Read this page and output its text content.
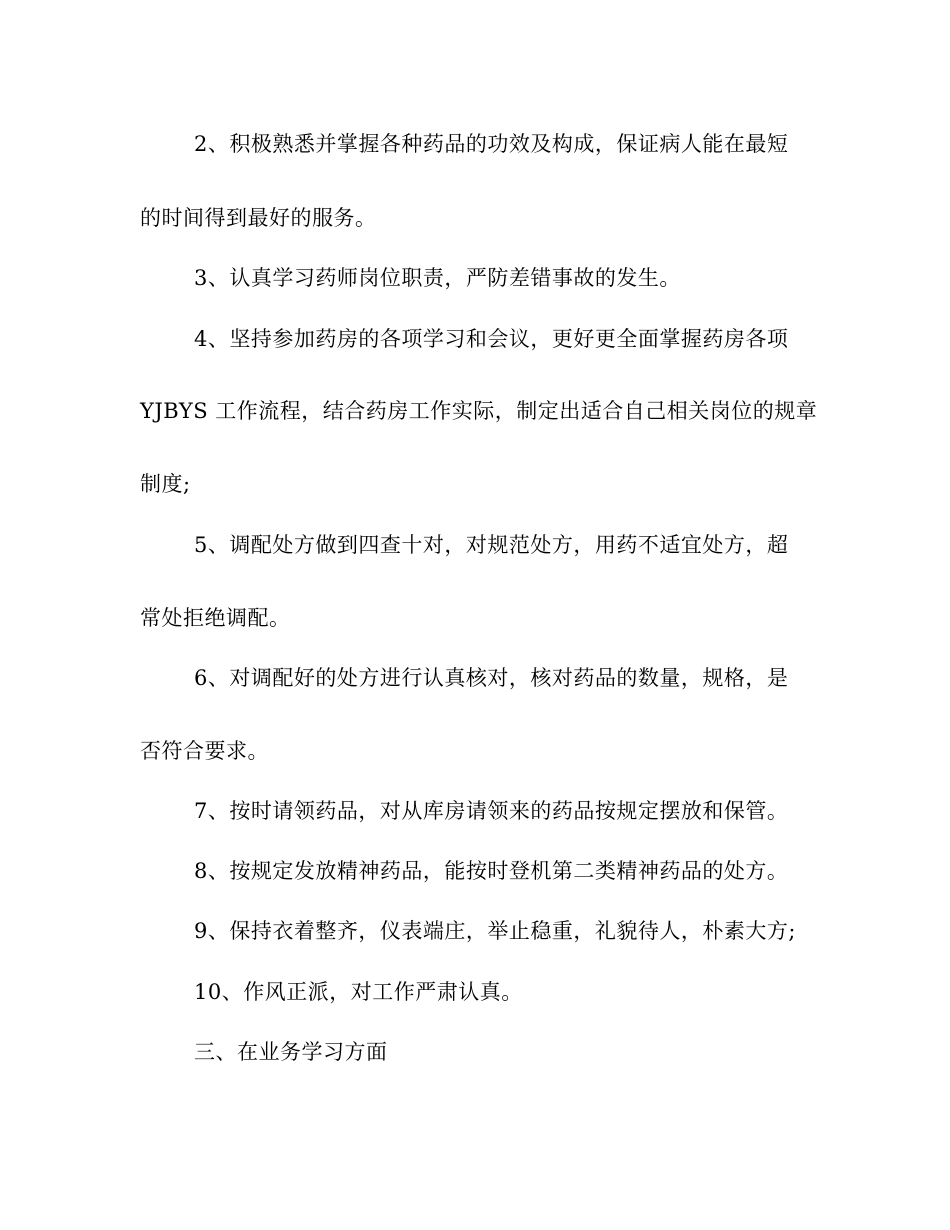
2、积极熟悉并掌握各种药品的功效及构成，保证病人能在最短
的时间得到最好的服务。
3、认真学习药师岗位职责，严防差错事故的发生。
4、坚持参加药房的各项学习和会议，更好更全面掌握药房各项
YJBYS 工作流程，结合药房工作实际，制定出适合自己相关岗位的规章
制度;
5、调配处方做到四查十对，对规范处方，用药不适宜处方，超
常处拒绝调配。
6、对调配好的处方进行认真核对，核对药品的数量，规格，是
否符合要求。
7、按时请领药品，对从库房请领来的药品按规定摆放和保管。
8、按规定发放精神药品，能按时登机第二类精神药品的处方。
9、保持衣着整齐，仪表端庄，举止稳重，礼貌待人，朴素大方;
10、作风正派，对工作严肃认真。
三、在业务学习方面
